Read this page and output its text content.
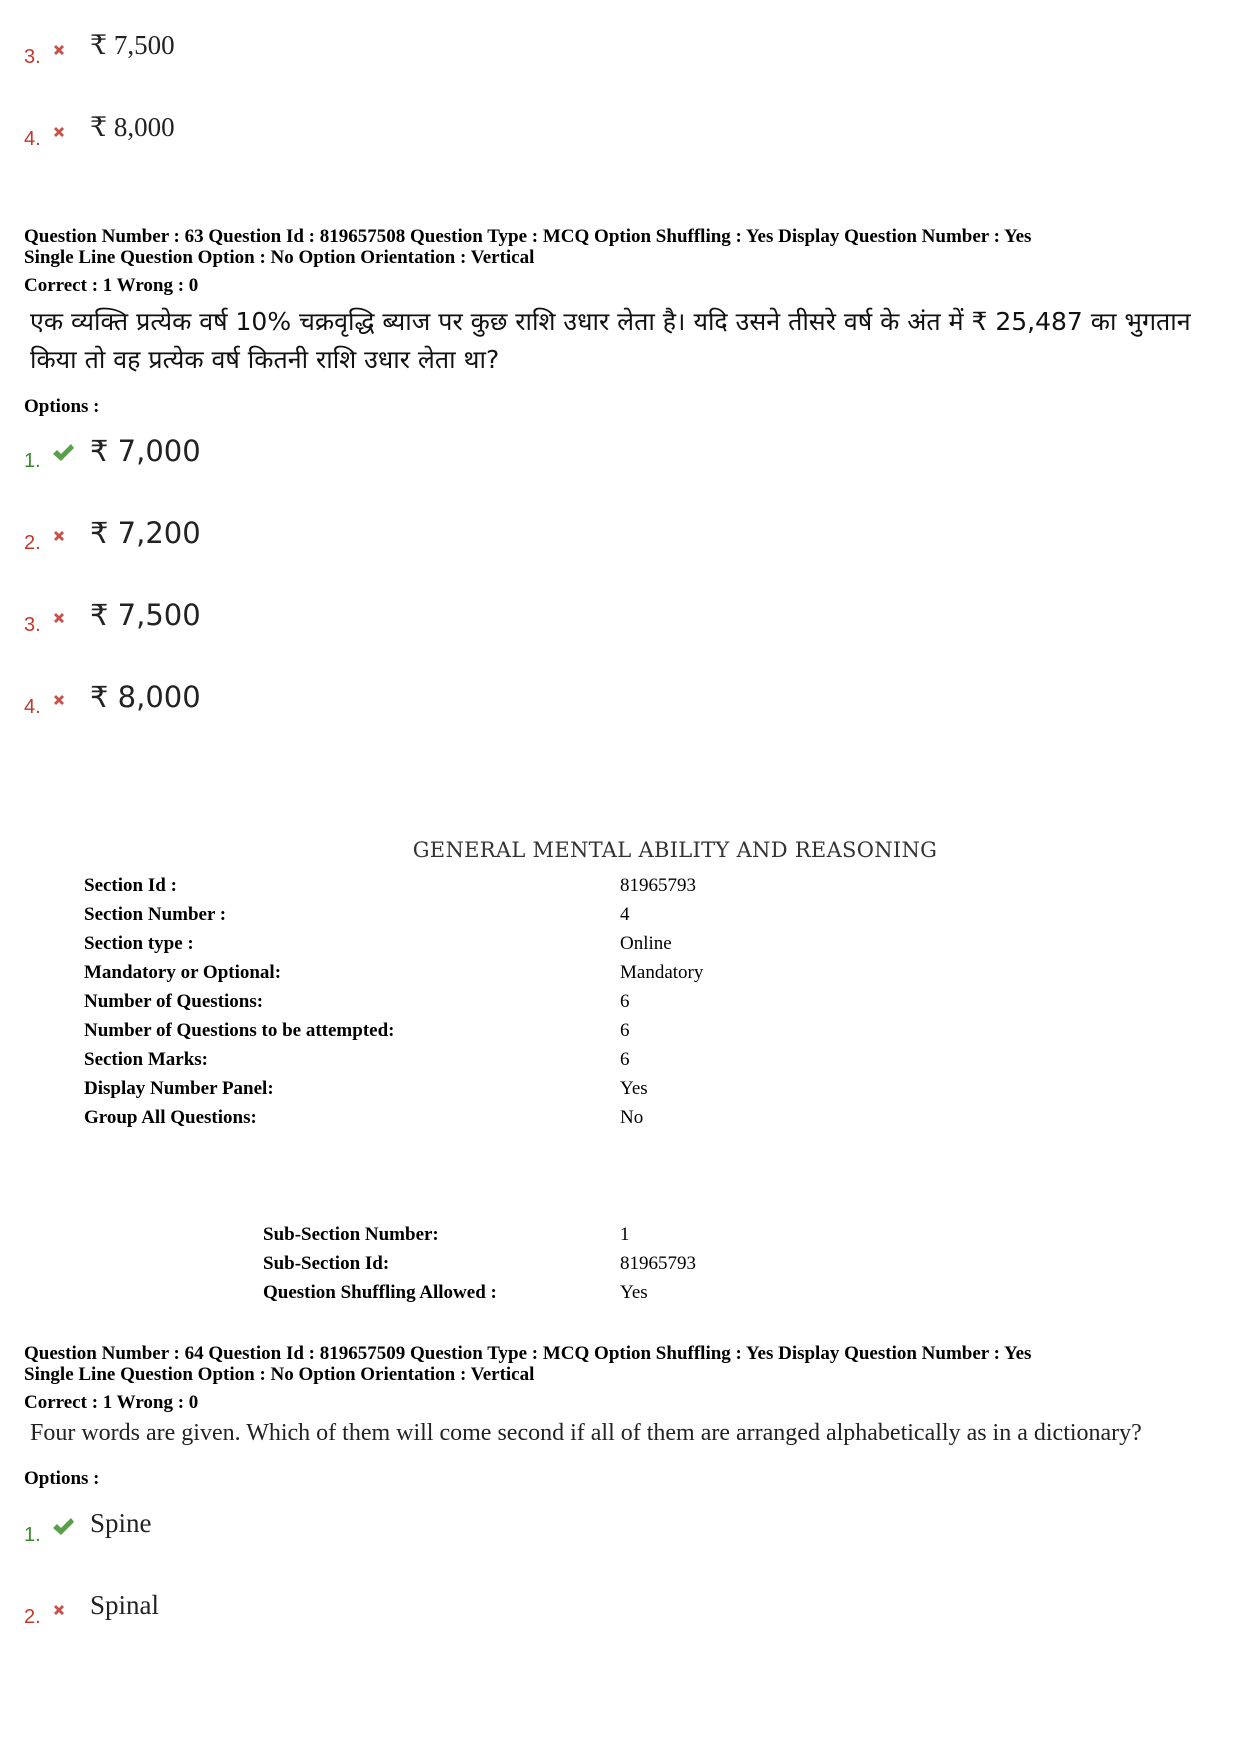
3. ₹ 7,500
4. ₹ 8,000
Question Number : 63 Question Id : 819657508 Question Type : MCQ Option Shuffling : Yes Display Question Number : Yes
Single Line Question Option : No Option Orientation : Vertical
Correct : 1 Wrong : 0
एक व्यक्ति प्रत्येक वर्ष 10% चक्रवृद्धि ब्याज पर कुछ राशि उधार लेता है। यदि उसने तीसरे वर्ष के अंत में ₹ 25,487 का भुगतान किया तो वह प्रत्येक वर्ष कितनी राशि उधार लेता था?
Options :
1. ₹ 7,000
2. ₹ 7,200
3. ₹ 7,500
4. ₹ 8,000
GENERAL MENTAL ABILITY AND REASONING
Section Id :	81965793
Section Number :	4
Section type :	Online
Mandatory or Optional:	Mandatory
Number of Questions:	6
Number of Questions to be attempted:	6
Section Marks:	6
Display Number Panel:	Yes
Group All Questions:	No
Sub-Section Number:	1
Sub-Section Id:	81965793
Question Shuffling Allowed :	Yes
Question Number : 64 Question Id : 819657509 Question Type : MCQ Option Shuffling : Yes Display Question Number : Yes
Single Line Question Option : No Option Orientation : Vertical
Correct : 1 Wrong : 0
Four words are given. Which of them will come second if all of them are arranged alphabetically as in a dictionary?
Options :
1. Spine
2. Spinal
